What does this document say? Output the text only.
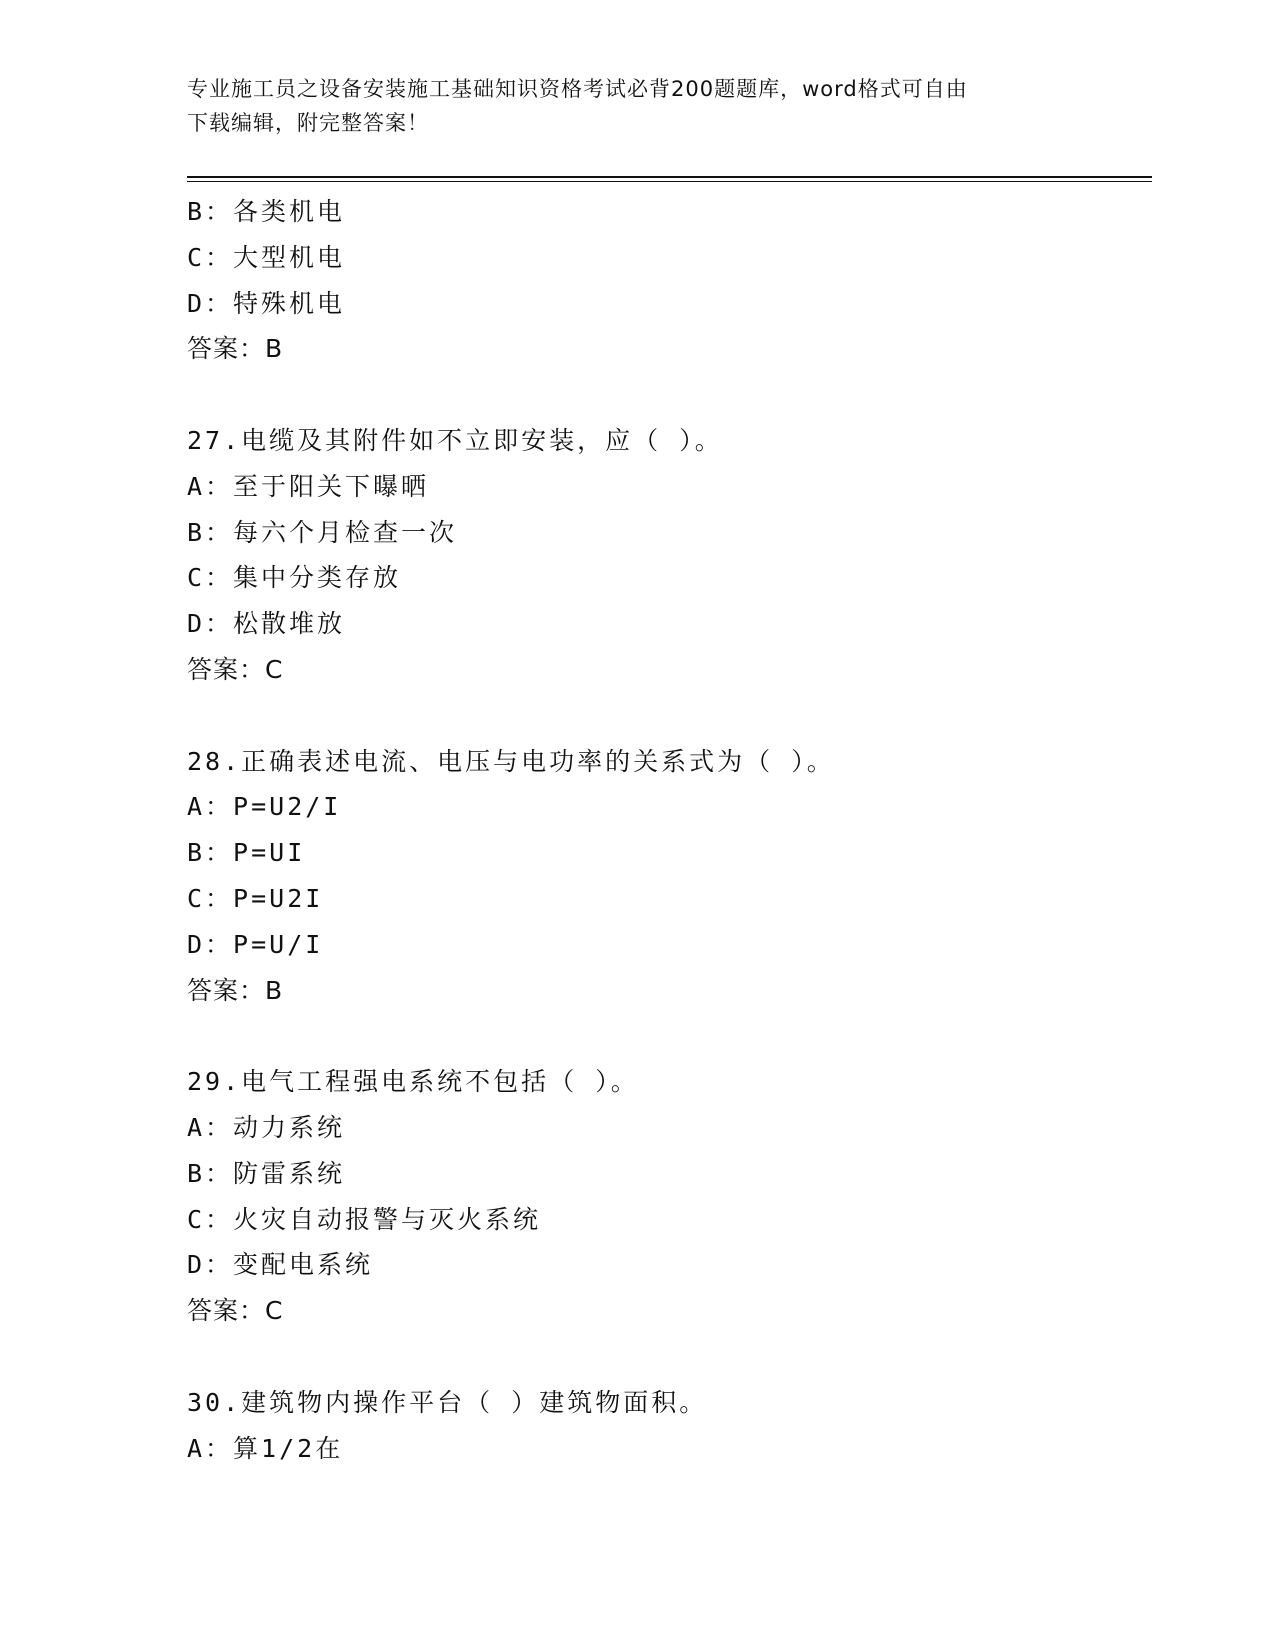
专业施工员之设备安装施工基础知识资格考试必背200题题库，word格式可自由
下载编辑，附完整答案！
B：各类机电
C：大型机电
D：特殊机电
答案：B
27.电缆及其附件如不立即安装，应（ ）。
A：至于阳关下曝晒
B：每六个月检查一次
C：集中分类存放
D：松散堆放
答案：C
28.正确表述电流、电压与电功率的关系式为（ ）。
A：P=U2/I
B：P=UI
C：P=U2I
D：P=U/I
答案：B
29.电气工程强电系统不包括（ ）。
A：动力系统
B：防雷系统
C：火灾自动报警与灭火系统
D：变配电系统
答案：C
30.建筑物内操作平台（ ）建筑物面积。
A：算1/2在
